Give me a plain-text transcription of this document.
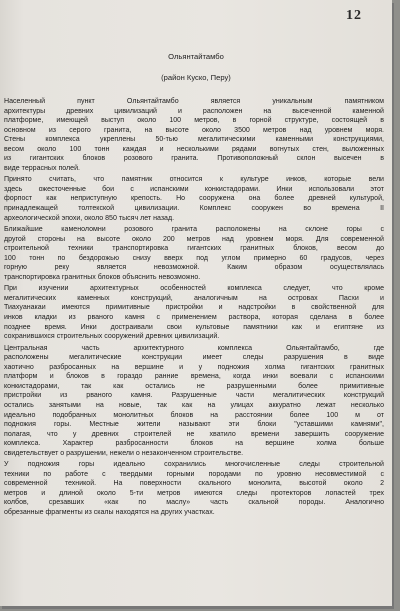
12
Ольянтайтамбо
(район Куско, Перу)
Населенный пункт Ольянтайтамбо является уникальным памятником
архитектуры древних цивилизаций и расположен на высеченной каменной
платформе, имеющей выступ около 100 метров, в горной структуре, состоящей в
основном из серого гранита, на высоте около 3500 метров над уровнем моря.
Стены комплекса укреплены 50-тью мегалитическими каменными конструкциями,
весом около 100 тонн каждая и несколькими рядами вогнутых стен, выложенных
из гигантских блоков розового гранита. Противоположный склон высечен в
виде террасных полей.
Принято считать, что памятник относится к культуре инков, которые вели
здесь ожесточенные бои с испанскими конкистадорами. Инки использовали этот
форпост как неприступную крепость. Но сооружена она более древней культурой,
принадлежащей толтекской цивилизации. Комплекс сооружен во времена II
археологической эпохи, около 850 тысяч лет назад.
Ближайшие каменоломни розового гранита расположены на склоне горы с
другой стороны на высоте около 200 метров над уровнем моря. Для современной
строительной техники транспортировка гигантских гранитных блоков, весом до
100 тонн по бездорожью снизу вверх под углом примерно 60 градусов, через
горную реку является невозможной. Каким образом осуществлялась
транспортировка гранитных блоков объяснить невозможно.
При изучении архитектурных особенностей комплекса следует, что кроме
мегалитических каменных конструкций, аналогичным на островах Пасхи и
Тиахуанакаи имеются примитивные пристройки и надстройки в свойственной для
инков кладки из рваного камня с применением раствора, которая сделана в более
позднее время. Инки достраивали свои культовые памятники как и египтяне из
сохранившихся строительных сооружений древних цивилизаций.
Центральная часть архитектурного комплекса Ольянтайтамбо, где
расположены мегалитические конструкции имеет следы разрушения в виде
хаотично разбросанных на вершине и у подножия холма гигантских гранитных
платформ и блоков в гораздо ранние времена, когда инки воевали с испанскими
конкистадорами, так как остались не разрушенными более примитивные
пристройки из рваного камня. Разрушенные части мегалитических конструкций
остались занятыми на новые, так как на улицах аккуратно лежат несколько
идеально подобранных монолитных блоков на расстоянии более 100 м от
подножия горы. Местные жители называют эти блоки "уставшими камнями",
полагая, что у древних строителей не хватило времени завершить сооружение
комплекса. Характер разбросанности блоков на вершине холма больше
свидетельствует о разрушении, нежели о незаконченном строительстве.
У подножия горы идеально сохранились многочисленные следы строительной
техники по работе с твердыми горными породами по уровню несовместимой с
современной техникой. На поверхности скального монолита, высотой около 2
метров и длиной около 5-ти метров имеются следы протекторов лопастей трех
колбов, срезавших «как по маслу» часть скальной породы. Аналогично
обрезанные фрагменты из скалы находятся на других участках.
